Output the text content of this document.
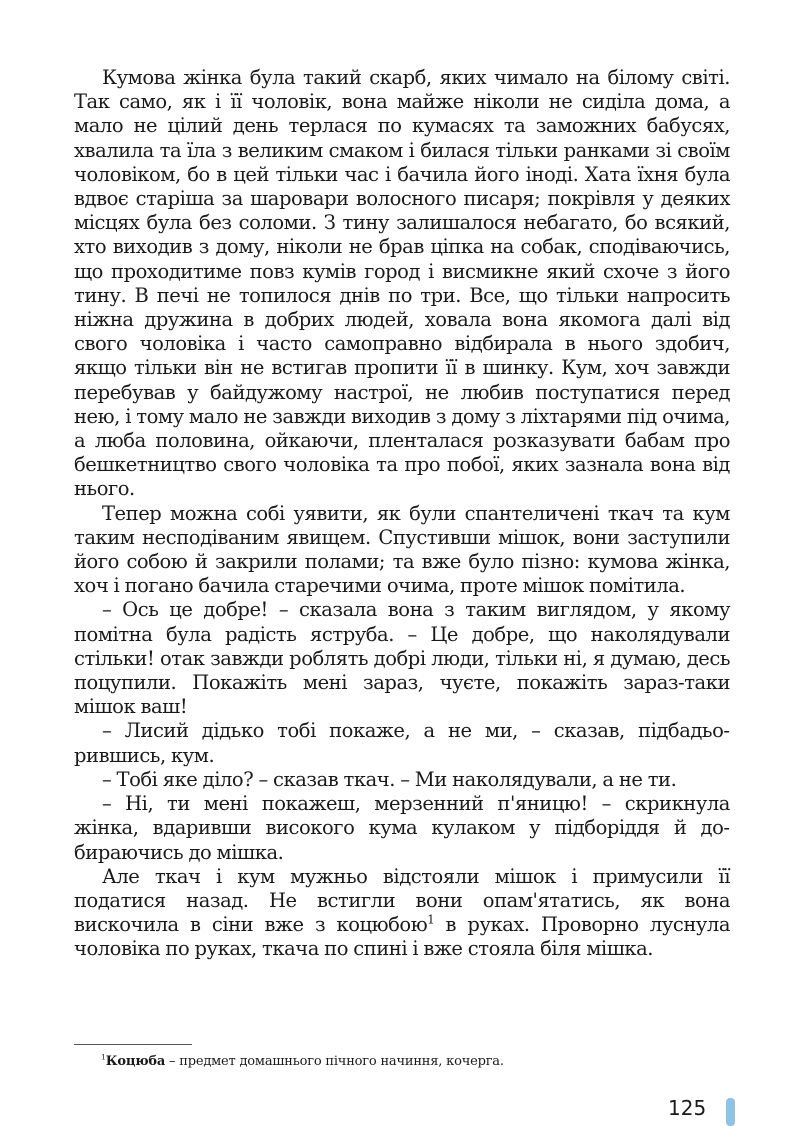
Кумова жінка була такий скарб, яких чимало на білому світі. Так само, як і її чоловік, вона майже ніколи не сиділа дома, а мало не цілий день терлася по кумасях та заможних бабусях, хвалила та їла з великим смаком і билася тільки ранками зі своїм чоловіком, бо в цей тільки час і бачила його іноді. Хата їхня була вдвоє старіша за шаровари волосного писаря; покрівля у деяких місцях була без соломи. З тину залишалося небагато, бо всякий, хто виходив з дому, ніколи не брав ціпка на собак, сподіваючись, що проходитиме повз кумів город і висмикне який схоче з його тину. В печі не топилося днів по три. Все, що тільки напросить ніжна дружина в добрих людей, ховала вона якомога далі від свого чоловіка і часто самоправно відбирала в нього здобич, якщо тільки він не встигав пропити її в шинку. Кум, хоч завжди перебував у байдужому настрої, не любив поступатися перед нею, і тому мало не завжди виходив з дому з ліхтарями під очима, а люба половина, ойкаючи, пленталася розказувати бабам про бешкетництво свого чоловіка та про побої, яких зазнала вона від нього.

Тепер можна собі уявити, як були спантеличені ткач та кум таким несподіваним явищем. Спустивши мішок, вони заступили його собою й закрили полами; та вже було пізно: кумова жінка, хоч і погано бачила старечими очима, проте мішок помітила.

– Ось це добре! – сказала вона з таким виглядом, у якому помітна була радість яструба. – Це добре, що наколядували стільки! отак завжди роблять добрі люди, тільки ні, я думаю, десь поцупили. Покажіть мені зараз, чуєте, покажіть зараз-таки мішок ваш!

– Лисий дідько тобі покаже, а не ми, – сказав, підбадьорившись, кум.

– Тобі яке діло? – сказав ткач. – Ми наколядували, а не ти.

– Ні, ти мені покажеш, мерзенний п'яницю! – скрикнула жінка, вдаривши високого кума кулаком у підборіддя й добираючись до мішка.

Але ткач і кум мужньо відстояли мішок і примусили її податися назад. Не встигли вони опам'ятатись, як вона вискочила в сіни вже з коцюбою$^1$ в руках. Проворно луснула чоловіка по руках, ткача по спині і вже стояла біля мішка.

$^1$Коцюба – предмет домашнього пічного начиння, кочерга.
125
